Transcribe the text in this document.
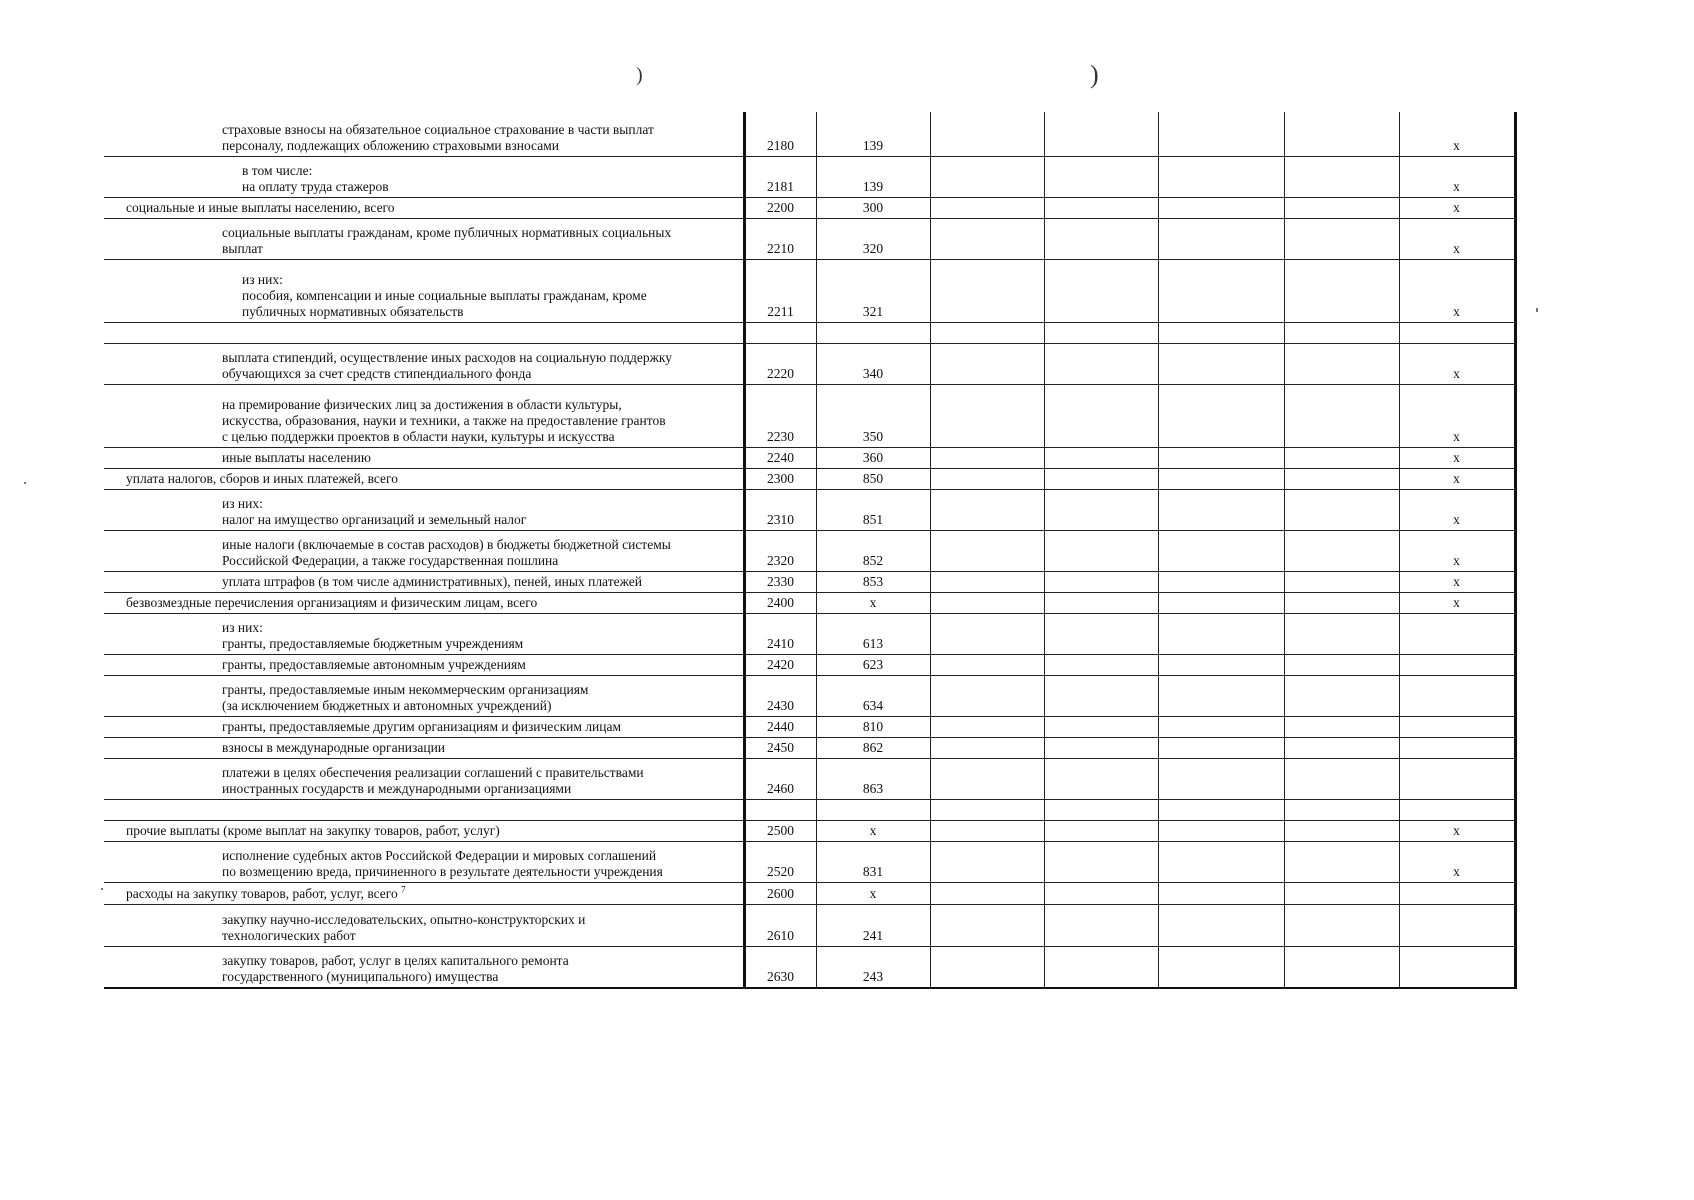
)	)
страховые взносы на обязательное социальное страхование в части выплат
персоналу, подлежащих обложению страховыми взносами	2180	139					x

в том числе:
на оплату труда стажеров	2181	139					x

социальные и иные выплаты населению, всего	2200	300					x

социальные выплаты гражданам, кроме публичных нормативных социальных
выплат	2210	320					x

из них:
пособия, компенсации и иные социальные выплаты гражданам, кроме
публичных нормативных обязательств	2211	321					x

выплата стипендий, осуществление иных расходов на социальную поддержку
обучающихся за счет средств стипендиального фонда	2220	340					x

на премирование физических лиц за достижения в области культуры,
искусства, образования, науки и техники, а также на предоставление грантов
с целью поддержки проектов в области науки, культуры и искусства	2230	350					x

иные выплаты населению	2240	360					x

уплата налогов, сборов и иных платежей, всего	2300	850					x

из них:
налог на имущество организаций и земельный налог	2310	851					x

иные налоги (включаемые в состав расходов) в бюджеты бюджетной системы
Российской Федерации, а также государственная пошлина	2320	852					x

уплата штрафов (в том числе административных), пеней, иных платежей	2330	853					x

безвозмездные перечисления организациям и физическим лицам, всего	2400	x					x

из них:
гранты, предоставляемые бюджетным учреждениям	2410	613					

гранты, предоставляемые автономным учреждениям	2420	623					

гранты, предоставляемые иным некоммерческим организациям
(за исключением бюджетных и автономных учреждений)	2430	634					

гранты, предоставляемые другим организациям и физическим лицам	2440	810					

взносы в международные организации	2450	862					

платежи в целях обеспечения реализации соглашений с правительствами
иностранных государств и международными организациями	2460	863					

прочие выплаты (кроме выплат на закупку товаров, работ, услуг)	2500	x					x

исполнение судебных актов Российской Федерации и мировых соглашений
по возмещению вреда, причиненного в результате деятельности учреждения	2520	831					x

расходы на закупку товаров, работ, услуг, всего $^7$	2600	x					

закупку научно-исследовательских, опытно-конструкторских и
технологических работ	2610	241					

закупку товаров, работ, услуг в целях капитального ремонта
государственного (муниципального) имущества	2630	243					
